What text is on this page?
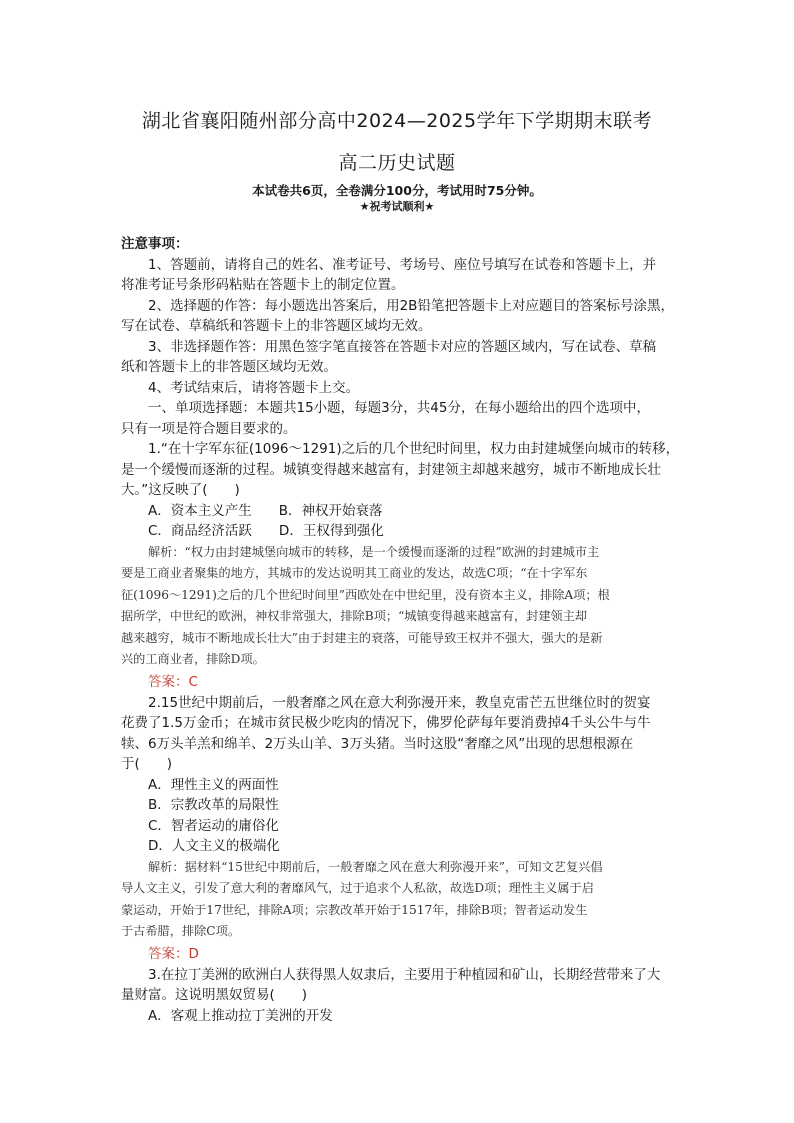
湖北省襄阳随州部分高中2024—2025学年下学期期末联考
高二历史试题
本试卷共6页，全卷满分100分，考试用时75分钟。
★祝考试顺利★
注意事项：
1、答题前，请将自己的姓名、准考证号、考场号、座位号填写在试卷和答题卡上，并
将准考证号条形码粘贴在答题卡上的制定位置。
2、选择题的作答：每小题选出答案后，用2B铅笔把答题卡上对应题目的答案标号涂黑，
写在试卷、草稿纸和答题卡上的非答题区域均无效。
3、非选择题作答：用黑色签字笔直接答在答题卡对应的答题区域内，写在试卷、草稿
纸和答题卡上的非答题区域均无效。
4、考试结束后，请将答题卡上交。
一、单项选择题：本题共15小题，每题3分，共45分，在每小题给出的四个选项中，
只有一项是符合题目要求的。
1.“在十字军东征(1096～1291)之后的几个世纪时间里，权力由封建城堡向城市的转移，
是一个缓慢而逐渐的过程。城镇变得越来越富有，封建领主却越来越穷，城市不断地成长壮
大。”这反映了(　　)
A．资本主义产生　　B．神权开始衰落
C．商品经济活跃　　D．王权得到强化
解析：“权力由封建城堡向城市的转移，是一个缓慢而逐渐的过程”欧洲的封建城市主
要是工商业者聚集的地方，其城市的发达说明其工商业的发达，故选C项；“在十字军东
征(1096～1291)之后的几个世纪时间里”西欧处在中世纪里，没有资本主义，排除A项；根
据所学，中世纪的欧洲，神权非常强大，排除B项；“城镇变得越来越富有，封建领主却
越来越穷，城市不断地成长壮大”由于封建主的衰落，可能导致王权并不强大，强大的是新
兴的工商业者，排除D项。
答案：C
2.15世纪中期前后，一般奢靡之风在意大利弥漫开来，教皇克雷芒五世继位时的贺宴
花费了1.5万金币；在城市贫民极少吃肉的情况下，佛罗伦萨每年要消费掉4千头公牛与牛
犊、6万头羊羔和绵羊、2万头山羊、3万头猪。当时这股“奢靡之风”出现的思想根源在
于(　　)
A．理性主义的两面性
B．宗教改革的局限性
C．智者运动的庸俗化
D．人文主义的极端化
解析：据材料“15世纪中期前后，一般奢靡之风在意大利弥漫开来”，可知文艺复兴倡
导人文主义，引发了意大利的奢靡风气，过于追求个人私欲，故选D项；理性主义属于启
蒙运动，开始于17世纪，排除A项；宗教改革开始于1517年，排除B项；智者运动发生
于古希腊，排除C项。
答案：D
3.在拉丁美洲的欧洲白人获得黑人奴隶后，主要用于种植园和矿山，长期经营带来了大
量财富。这说明黑奴贸易(　　)
A．客观上推动拉丁美洲的开发
